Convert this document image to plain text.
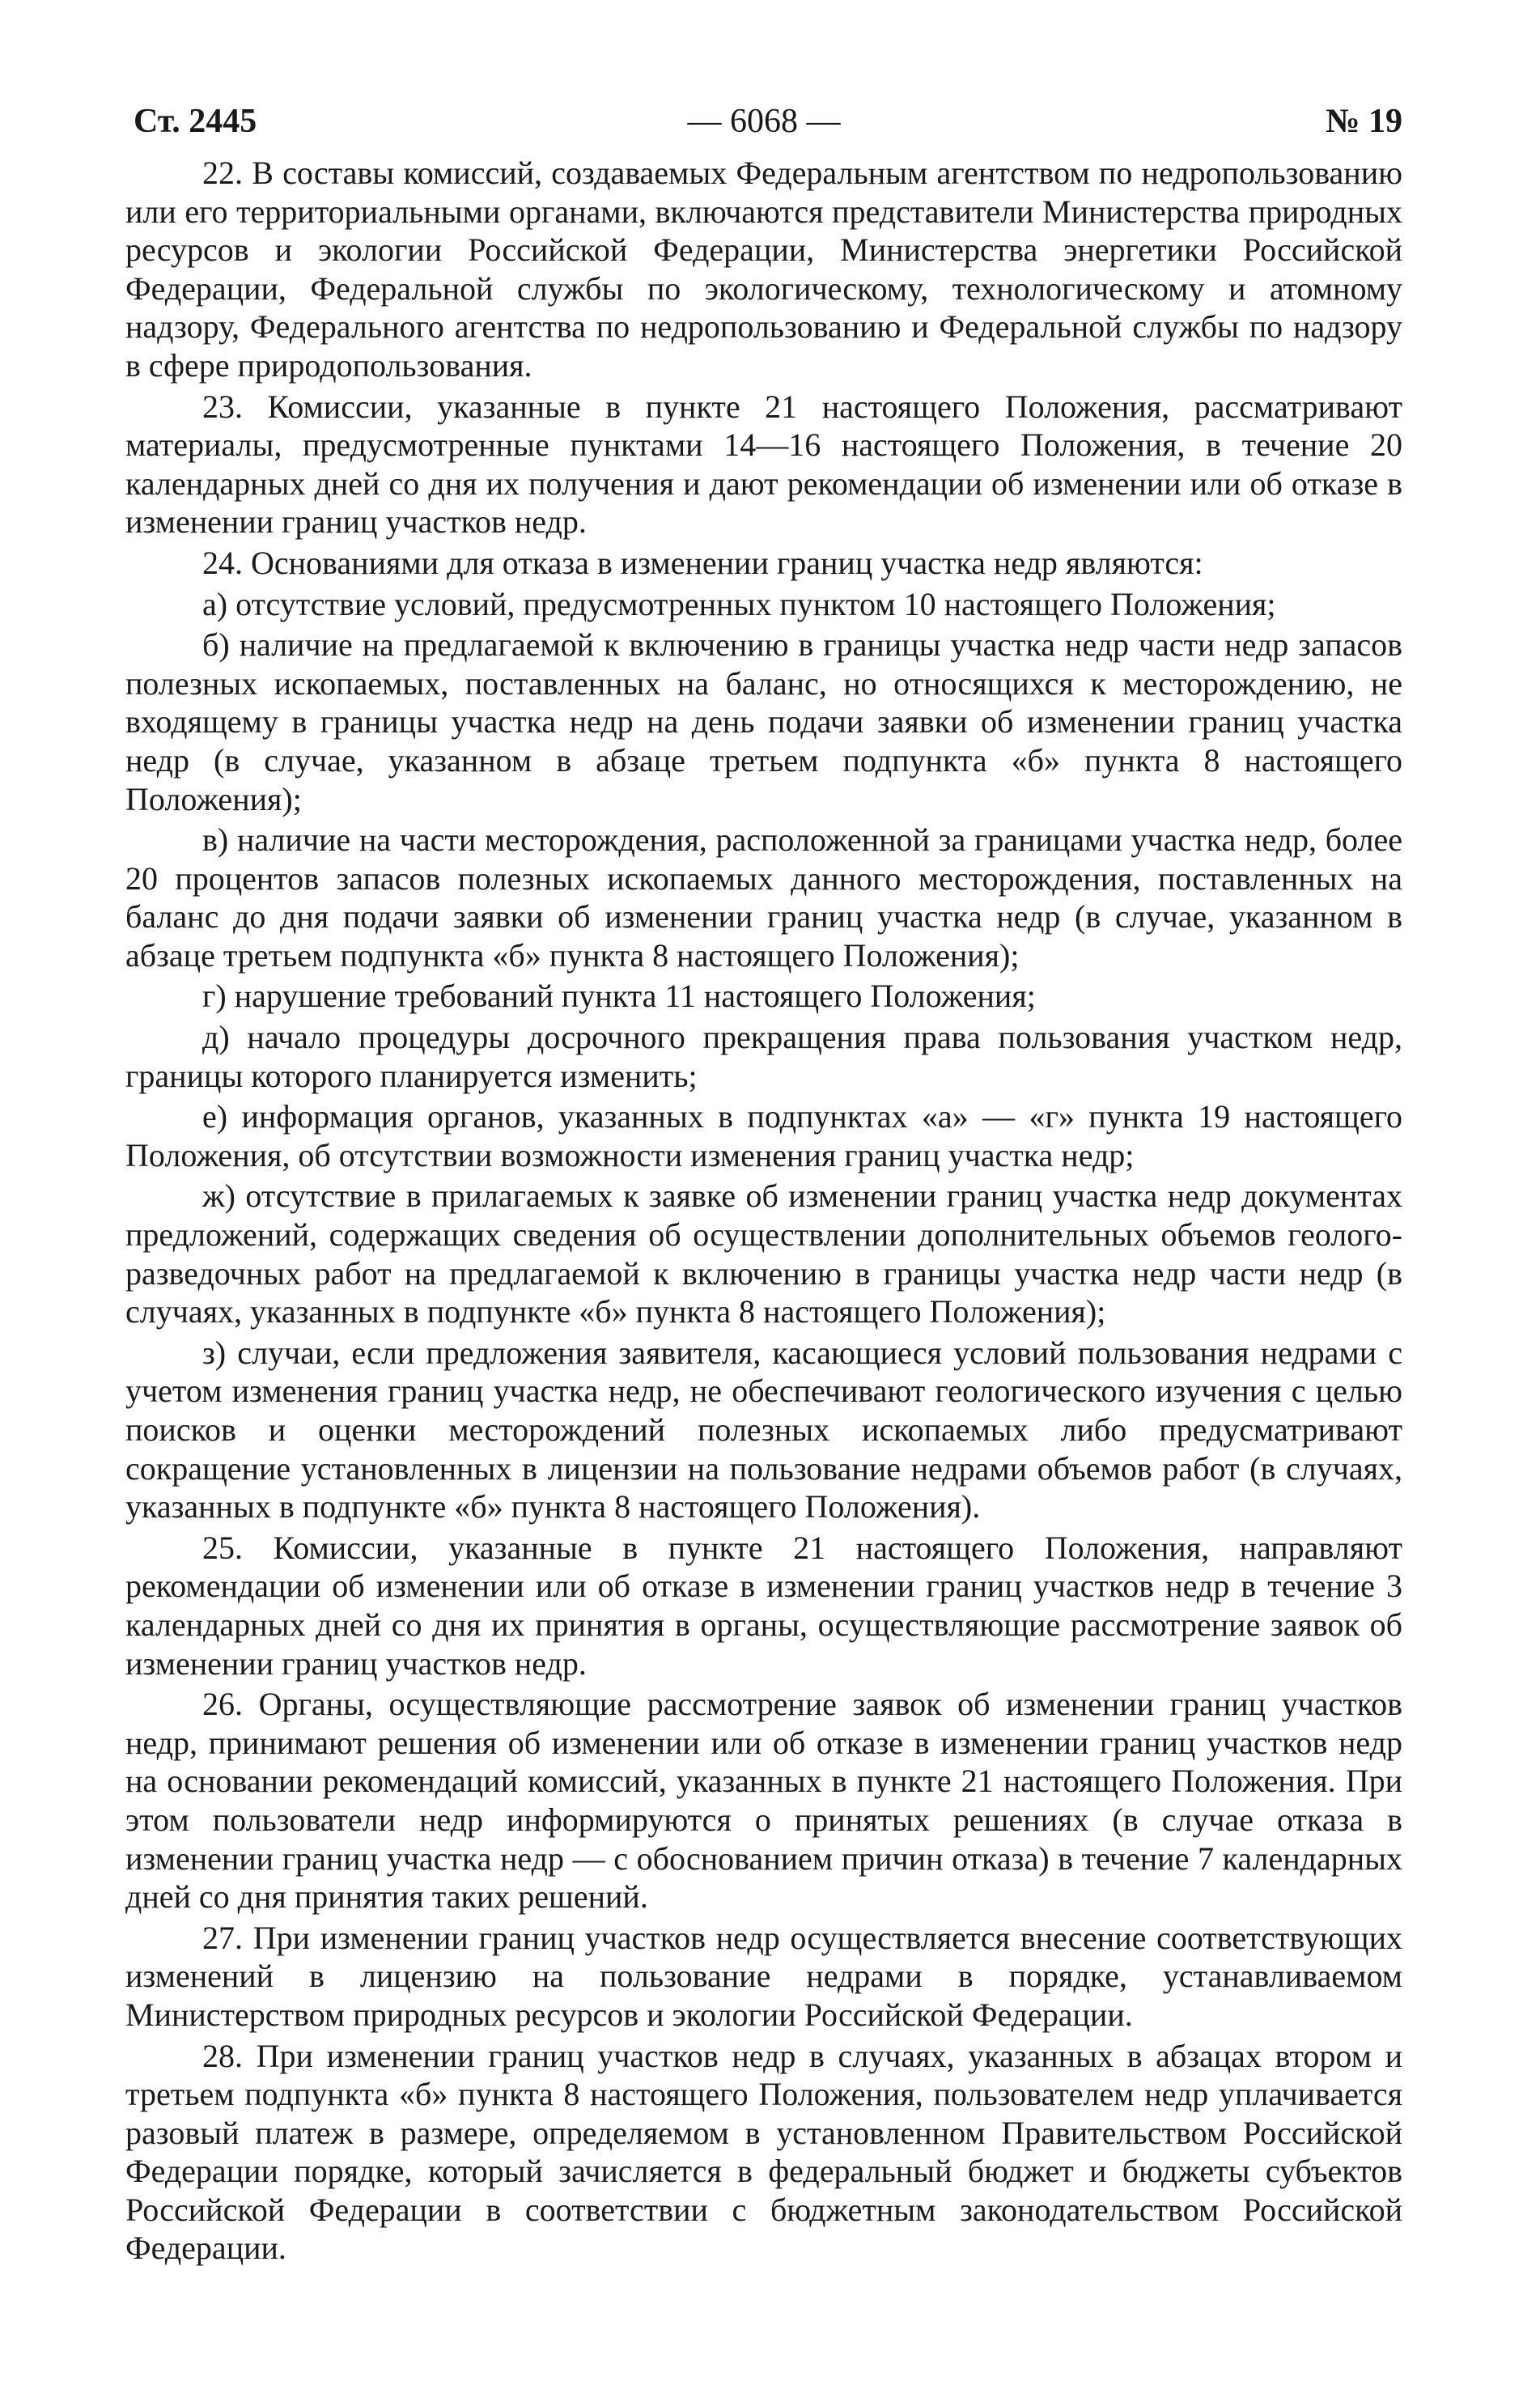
Ст. 2445	— 6068 —	№ 19

22. В составы комиссий, создаваемых Федеральным агентством по недропользованию или его территориальными органами, включаются представители Министерства природных ресурсов и экологии Российской Федерации, Министерства энергетики Российской Федерации, Федеральной службы по экологическому, технологическому и атомному надзору, Федерального агентства по недропользованию и Федеральной службы по надзору в сфере природопользования.

23. Комиссии, указанные в пункте 21 настоящего Положения, рассматривают материалы, предусмотренные пунктами 14—16 настоящего Положения, в течение 20 календарных дней со дня их получения и дают рекомендации об изменении или об отказе в изменении границ участков недр.

24. Основаниями для отказа в изменении границ участка недр являются:

а) отсутствие условий, предусмотренных пунктом 10 настоящего Положения;

б) наличие на предлагаемой к включению в границы участка недр части недр запасов полезных ископаемых, поставленных на баланс, но относящихся к месторождению, не входящему в границы участка недр на день подачи заявки об изменении границ участка недр (в случае, указанном в абзаце третьем подпункта «б» пункта 8 настоящего Положения);

в) наличие на части месторождения, расположенной за границами участка недр, более 20 процентов запасов полезных ископаемых данного месторождения, поставленных на баланс до дня подачи заявки об изменении границ участка недр (в случае, указанном в абзаце третьем подпункта «б» пункта 8 настоящего Положения);

г) нарушение требований пункта 11 настоящего Положения;

д) начало процедуры досрочного прекращения права пользования участком недр, границы которого планируется изменить;

е) информация органов, указанных в подпунктах «а» — «г» пункта 19 настоящего Положения, об отсутствии возможности изменения границ участка недр;

ж) отсутствие в прилагаемых к заявке об изменении границ участка недр документах предложений, содержащих сведения об осуществлении дополнительных объемов геолого-разведочных работ на предлагаемой к включению в границы участка недр части недр (в случаях, указанных в подпункте «б» пункта 8 настоящего Положения);

з) случаи, если предложения заявителя, касающиеся условий пользования недрами с учетом изменения границ участка недр, не обеспечивают геологического изучения с целью поисков и оценки месторождений полезных ископаемых либо предусматривают сокращение установленных в лицензии на пользование недрами объемов работ (в случаях, указанных в подпункте «б» пункта 8 настоящего Положения).

25. Комиссии, указанные в пункте 21 настоящего Положения, направляют рекомендации об изменении или об отказе в изменении границ участков недр в течение 3 календарных дней со дня их принятия в органы, осуществляющие рассмотрение заявок об изменении границ участков недр.

26. Органы, осуществляющие рассмотрение заявок об изменении границ участков недр, принимают решения об изменении или об отказе в изменении границ участков недр на основании рекомендаций комиссий, указанных в пункте 21 настоящего Положения. При этом пользователи недр информируются о принятых решениях (в случае отказа в изменении границ участка недр — с обоснованием причин отказа) в течение 7 календарных дней со дня принятия таких решений.

27. При изменении границ участков недр осуществляется внесение соответствующих изменений в лицензию на пользование недрами в порядке, устанавливаемом Министерством природных ресурсов и экологии Российской Федерации.

28. При изменении границ участков недр в случаях, указанных в абзацах втором и третьем подпункта «б» пункта 8 настоящего Положения, пользователем недр уплачивается разовый платеж в размере, определяемом в установленном Правительством Российской Федерации порядке, который зачисляется в федеральный бюджет и бюджеты субъектов Российской Федерации в соответствии с бюджетным законодательством Российской Федерации.
